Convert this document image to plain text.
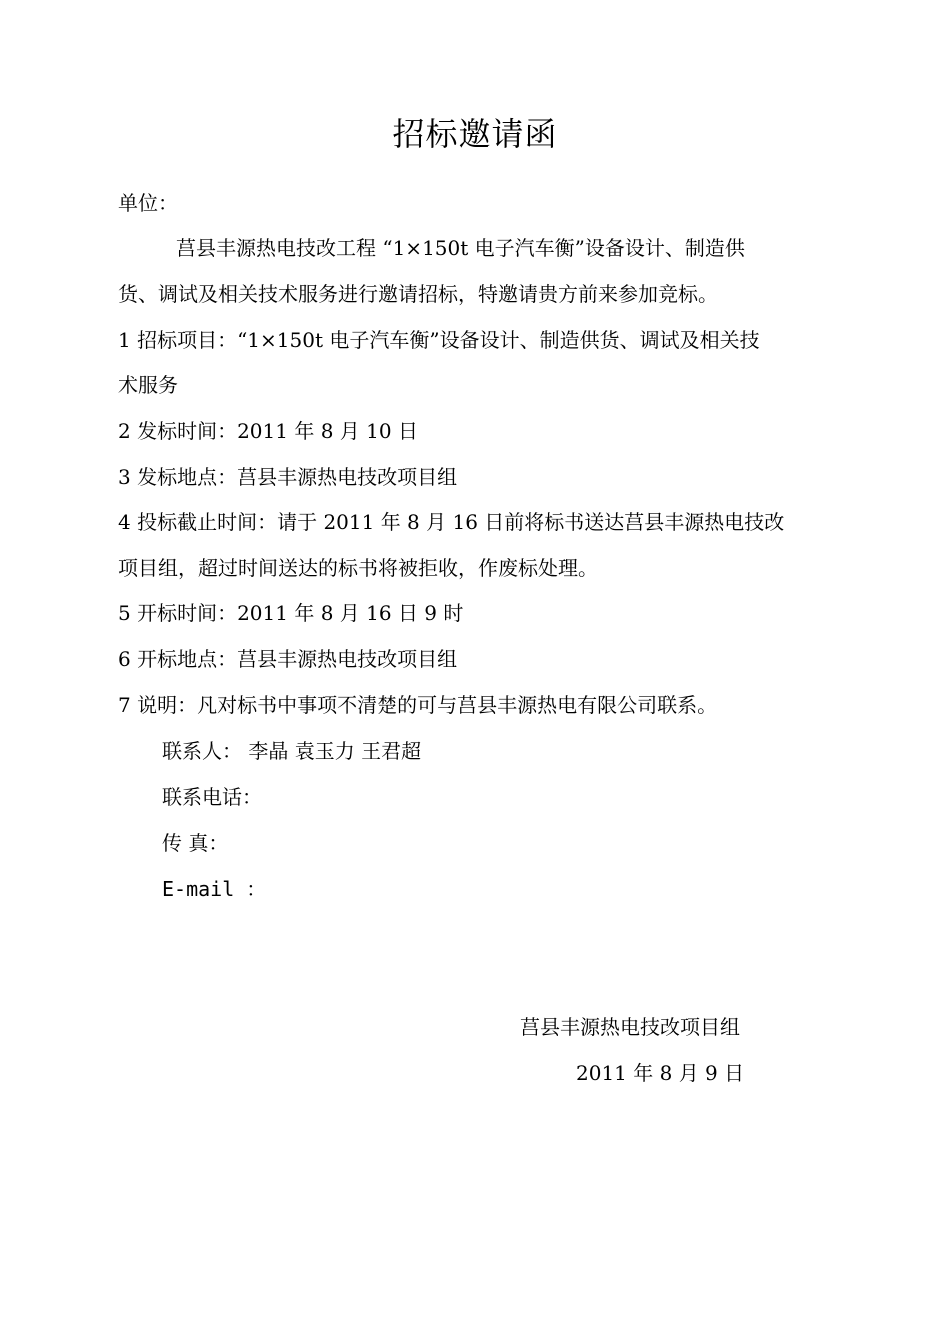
招标邀请函
单位：
莒县丰源热电技改工程 “1×150t 电子汽车衡”设备设计、制造供
货、调试及相关技术服务进行邀请招标，特邀请贵方前来参加竞标。
1 招标项目：“1×150t 电子汽车衡”设备设计、制造供货、调试及相关技
术服务
2 发标时间：2011 年 8 月 10 日
3 发标地点：莒县丰源热电技改项目组
4 投标截止时间：请于 2011 年 8 月 16 日前将标书送达莒县丰源热电技改
项目组，超过时间送达的标书将被拒收，作废标处理。
5 开标时间：2011 年 8 月 16 日 9 时
6 开标地点：莒县丰源热电技改项目组
7 说明：凡对标书中事项不清楚的可与莒县丰源热电有限公司联系。
联系人： 李晶 袁玉力 王君超
联系电话：
传 真：
E-mail ：
莒县丰源热电技改项目组
2011 年 8 月 9 日
